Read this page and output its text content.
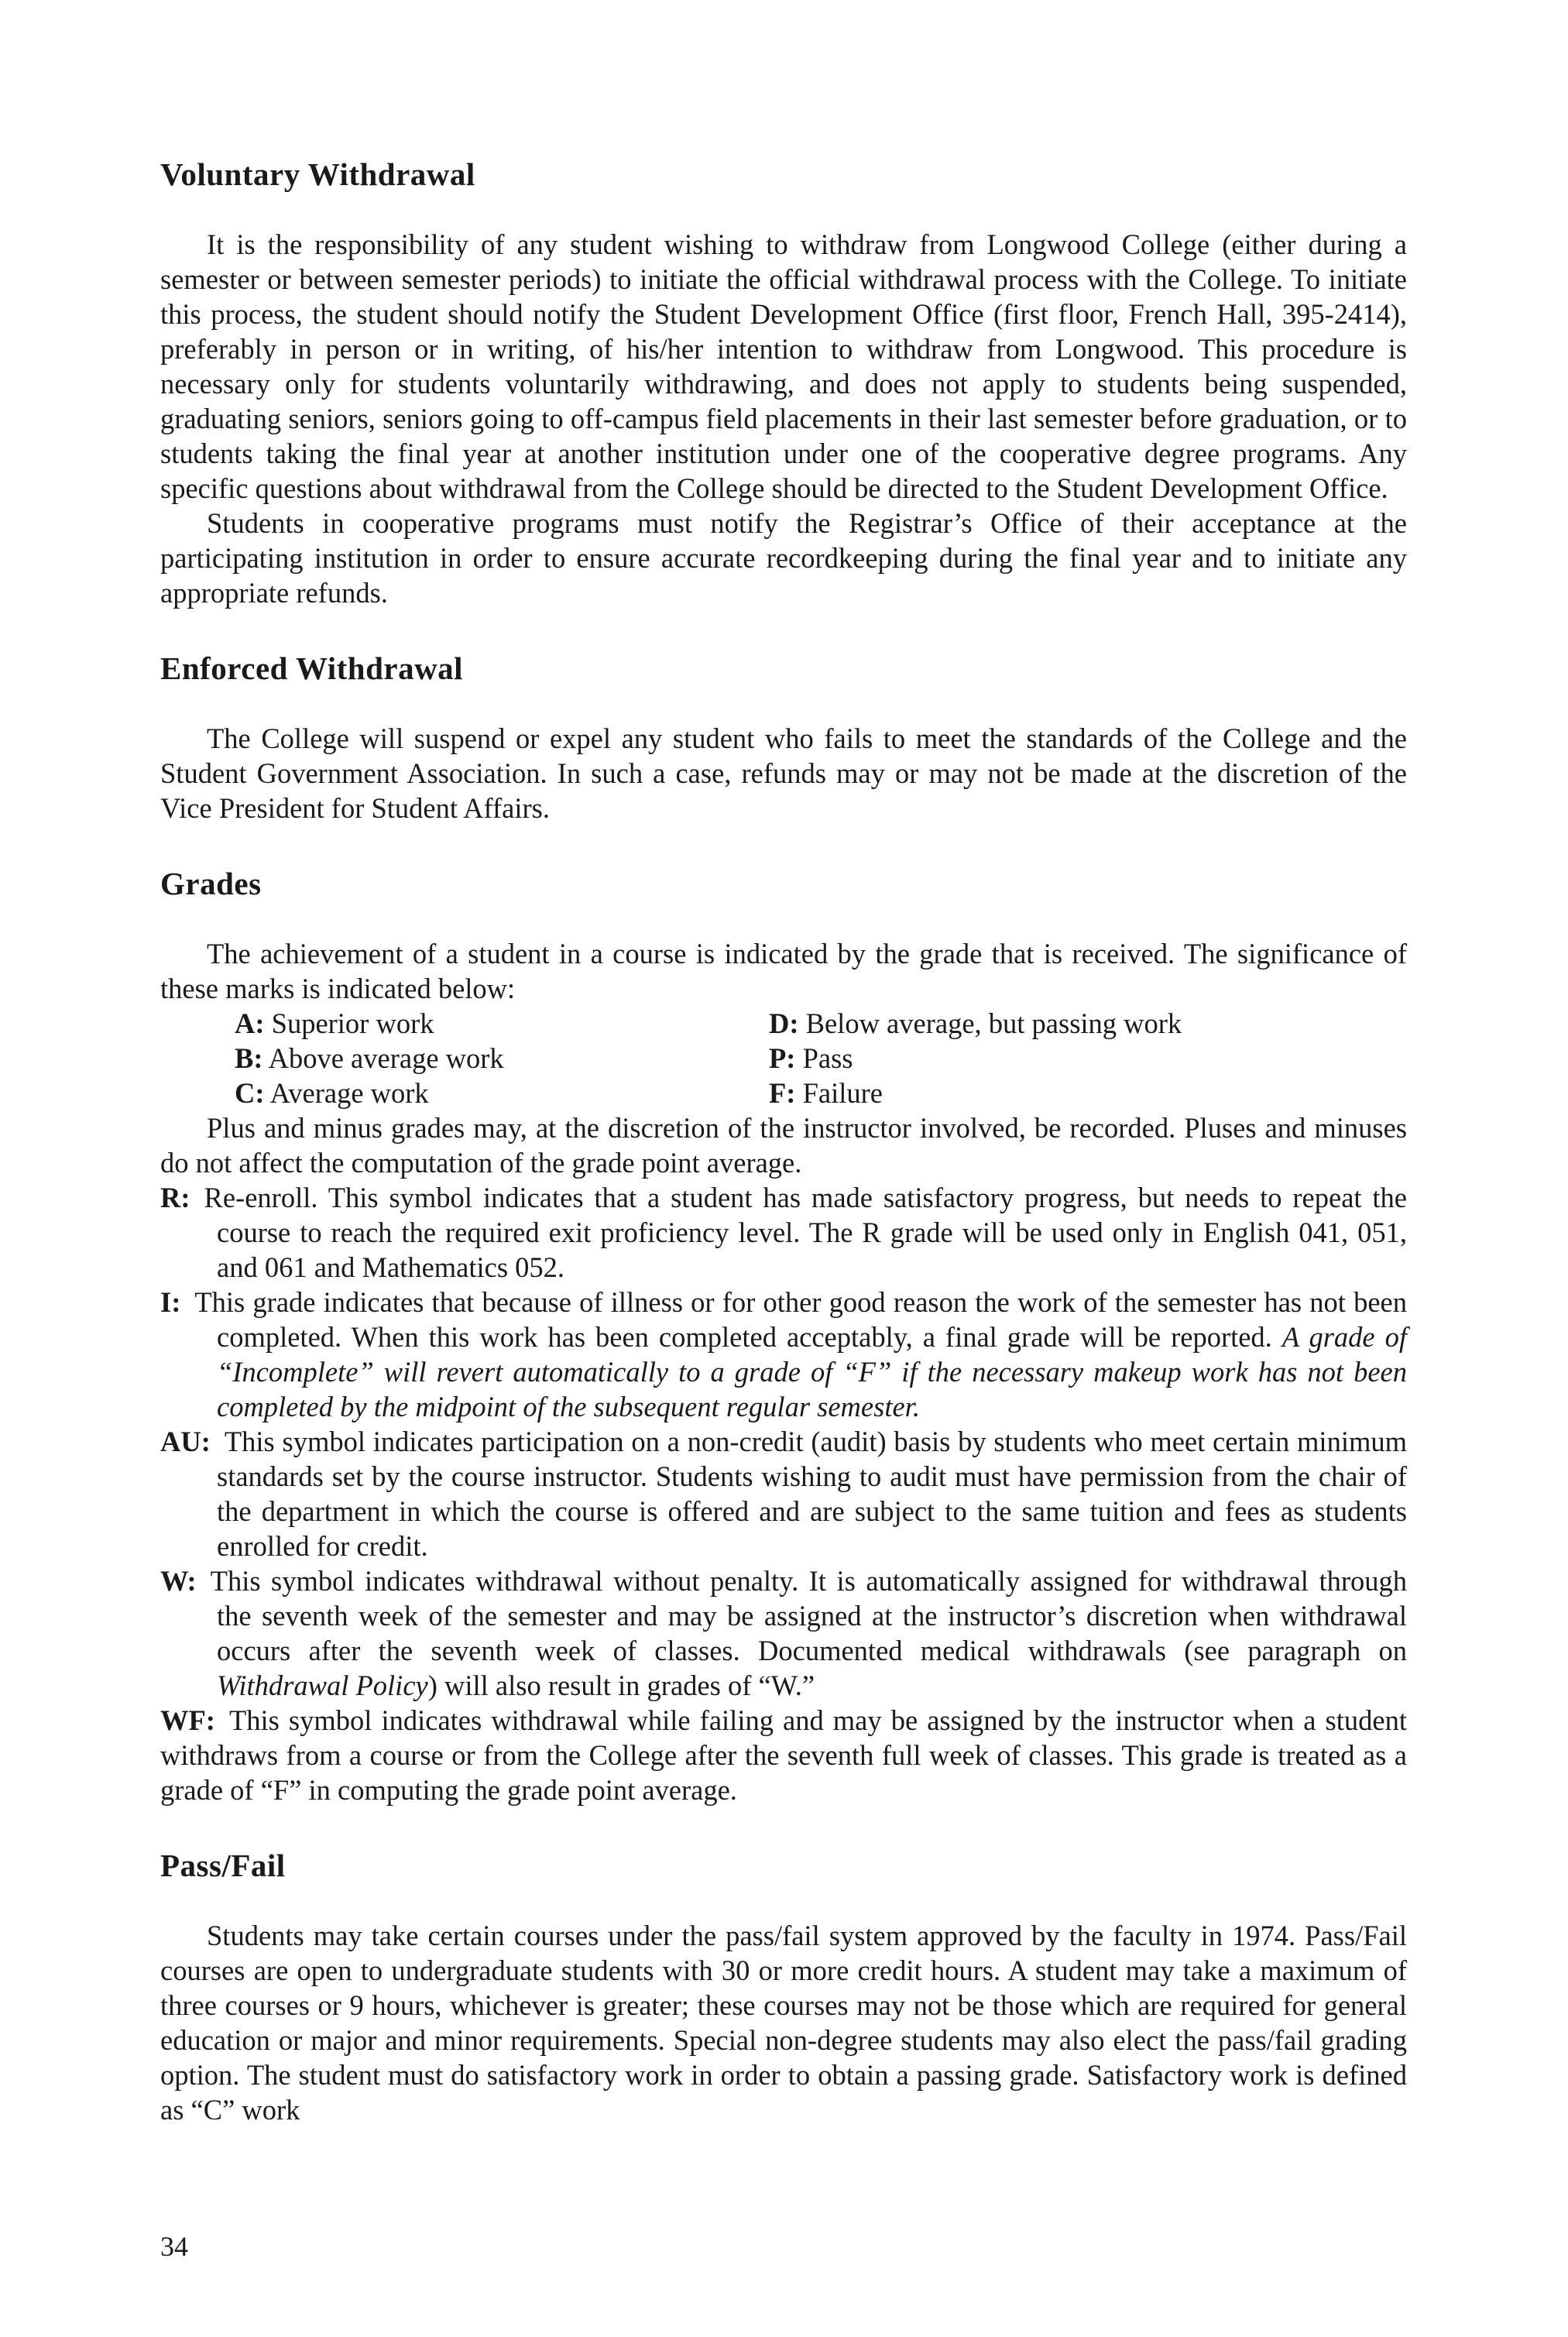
Voluntary Withdrawal

It is the responsibility of any student wishing to withdraw from Longwood College (either during a semester or between semester periods) to initiate the official withdrawal process with the College. To initiate this process, the student should notify the Student Development Office (first floor, French Hall, 395-2414), preferably in person or in writing, of his/her intention to withdraw from Longwood. This procedure is necessary only for students voluntarily withdrawing, and does not apply to students being suspended, graduating seniors, seniors going to off-campus field placements in their last semester before graduation, or to students taking the final year at another institution under one of the cooperative degree programs. Any specific questions about withdrawal from the College should be directed to the Student Development Office.

Students in cooperative programs must notify the Registrar’s Office of their acceptance at the participating institution in order to ensure accurate recordkeeping during the final year and to initiate any appropriate refunds.

Enforced Withdrawal

The College will suspend or expel any student who fails to meet the standards of the College and the Student Government Association. In such a case, refunds may or may not be made at the discretion of the Vice President for Student Affairs.

Grades

The achievement of a student in a course is indicated by the grade that is received. The significance of these marks is indicated below:

A: Superior work	D: Below average, but passing work
B: Above average work	P: Pass
C: Average work	F: Failure

Plus and minus grades may, at the discretion of the instructor involved, be recorded. Pluses and minuses do not affect the computation of the grade point average.

R: Re-enroll. This symbol indicates that a student has made satisfactory progress, but needs to repeat the course to reach the required exit proficiency level. The R grade will be used only in English 041, 051, and 061 and Mathematics 052.
I: This grade indicates that because of illness or for other good reason the work of the semester has not been completed. When this work has been completed acceptably, a final grade will be reported. A grade of “Incomplete” will revert automatically to a grade of “F” if the necessary makeup work has not been completed by the midpoint of the subsequent regular semester.
AU: This symbol indicates participation on a non-credit (audit) basis by students who meet certain minimum standards set by the course instructor. Students wishing to audit must have permission from the chair of the department in which the course is offered and are subject to the same tuition and fees as students enrolled for credit.
W: This symbol indicates withdrawal without penalty. It is automatically assigned for withdrawal through the seventh week of the semester and may be assigned at the instructor’s discretion when withdrawal occurs after the seventh week of classes. Documented medical withdrawals (see paragraph on Withdrawal Policy) will also result in grades of “W.”
WF: This symbol indicates withdrawal while failing and may be assigned by the instructor when a student withdraws from a course or from the College after the seventh full week of classes. This grade is treated as a grade of “F” in computing the grade point average.
Pass/Fail

Students may take certain courses under the pass/fail system approved by the faculty in 1974. Pass/Fail courses are open to undergraduate students with 30 or more credit hours. A student may take a maximum of three courses or 9 hours, whichever is greater; these courses may not be those which are required for general education or major and minor requirements. Special non-degree students may also elect the pass/fail grading option. The student must do satisfactory work in order to obtain a passing grade. Satisfactory work is defined as “C” work

34
